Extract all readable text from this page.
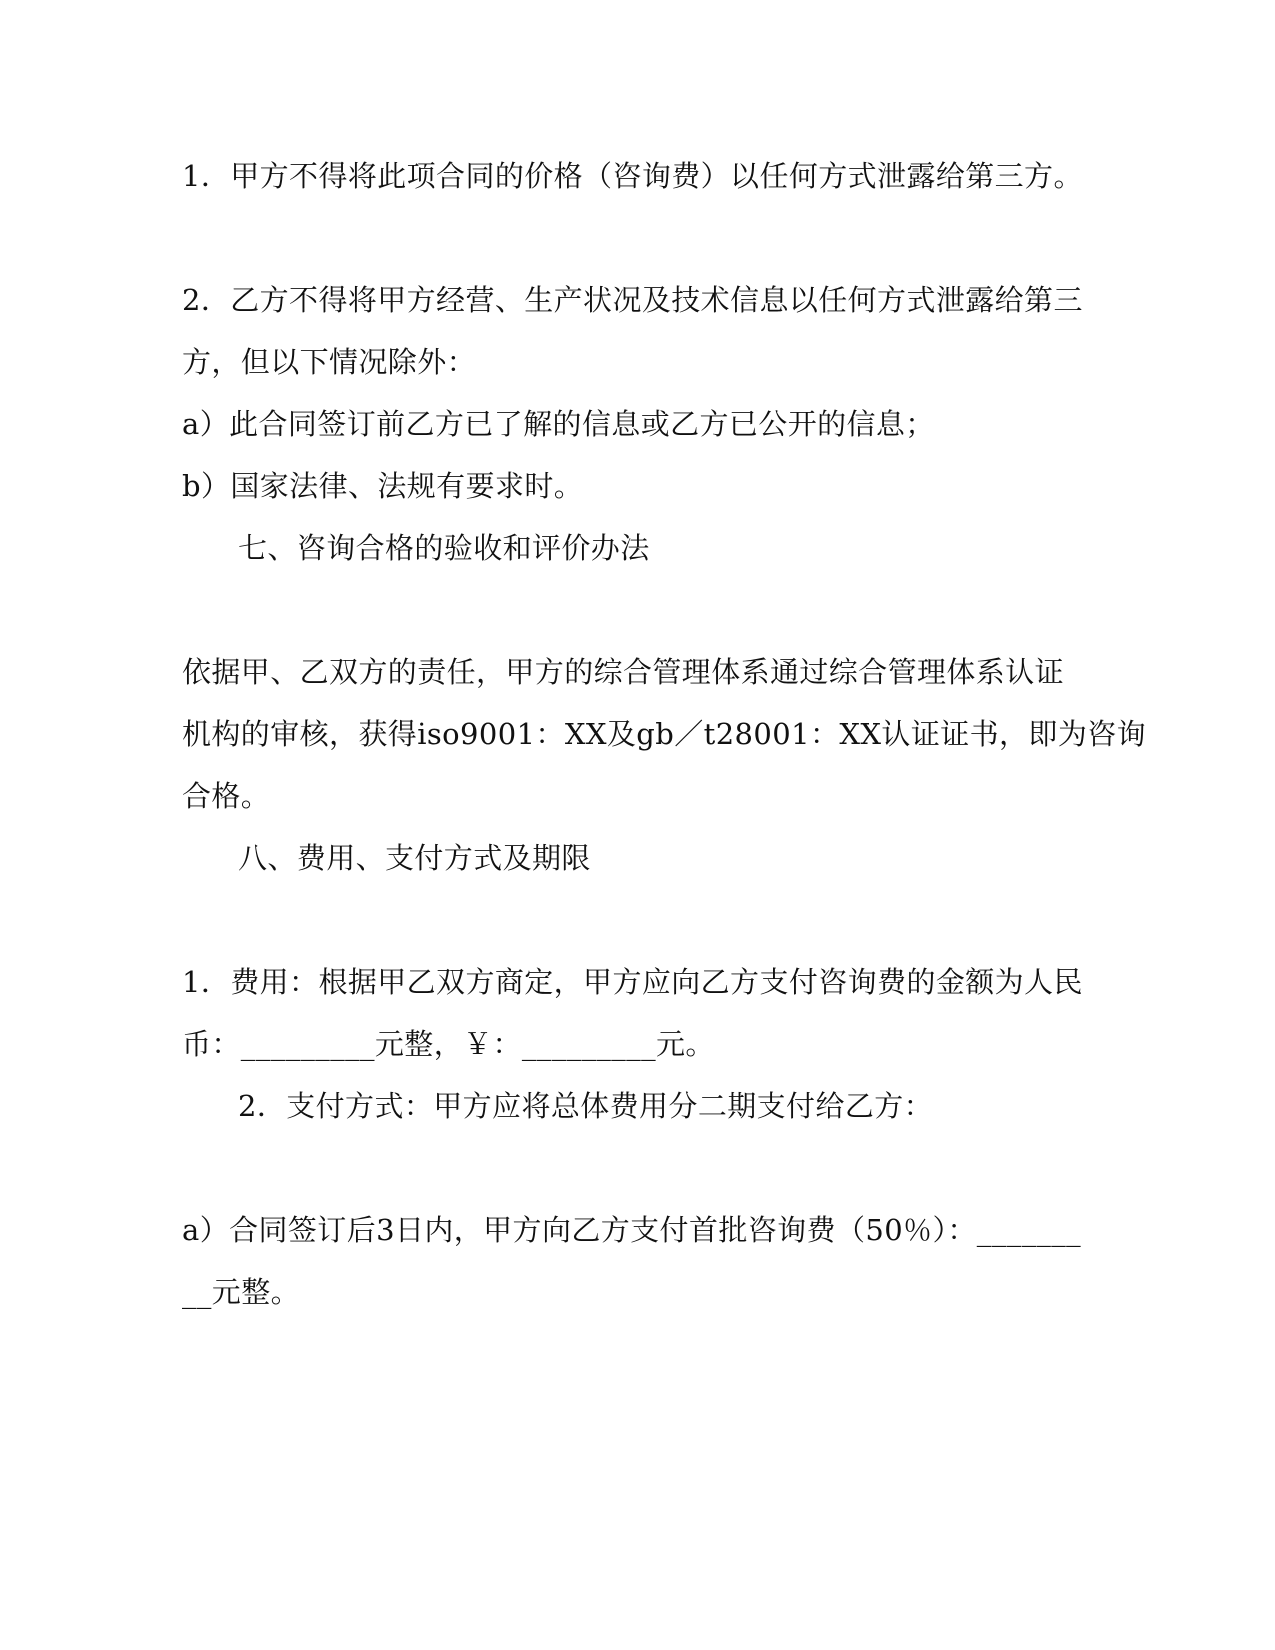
1．甲方不得将此项合同的价格（咨询费）以任何方式泄露给第三方。
2．乙方不得将甲方经营、生产状况及技术信息以任何方式泄露给第三
方，但以下情况除外：
a）此合同签订前乙方已了解的信息或乙方已公开的信息；
b）国家法律、法规有要求时。
七、咨询合格的验收和评价办法
依据甲、乙双方的责任，甲方的综合管理体系通过综合管理体系认证
机构的审核，获得iso9001：XX及gb／t28001：XX认证证书，即为咨询
合格。
八、费用、支付方式及期限
1．费用：根据甲乙双方商定，甲方应向乙方支付咨询费的金额为人民
币：_________元整，￥：_________元。
2．支付方式：甲方应将总体费用分二期支付给乙方：
a）合同签订后3日内，甲方向乙方支付首批咨询费（50％）：_______
__元整。
